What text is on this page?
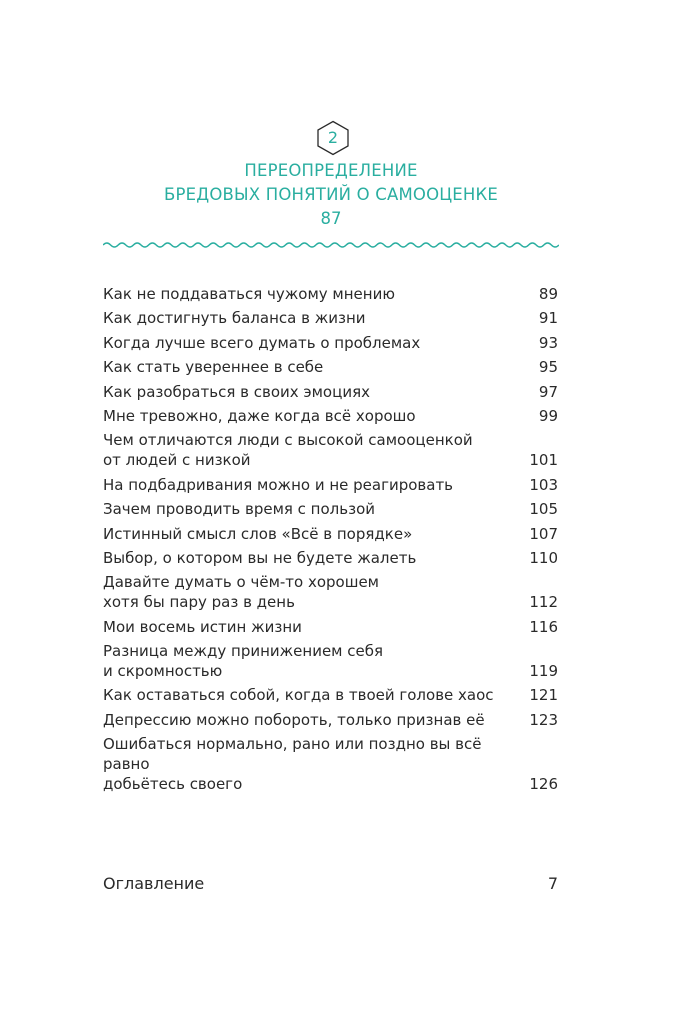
2
ПЕРЕОПРЕДЕЛЕНИЕ
БРЕДОВЫХ ПОНЯТИЙ О САМООЦЕНКЕ
87
Как не поддаваться чужому мнению	89
Как достигнуть баланса в жизни	91
Когда лучше всего думать о проблемах	93
Как стать увереннее в себе	95
Как разобраться в своих эмоциях	97
Мне тревожно, даже когда всё хорошо	99
Чем отличаются люди с высокой самооценкой
от людей с низкой	101
На подбадривания можно и не реагировать	103
Зачем проводить время с пользой	105
Истинный смысл слов «Всё в порядке»	107
Выбор, о котором вы не будете жалеть	110
Давайте думать о чём-то хорошем
хотя бы пару раз в день	112
Мои восемь истин жизни	116
Разница между принижением себя
и скромностью	119
Как оставаться собой, когда в твоей голове хаос	121
Депрессию можно побороть, только признав её	123
Ошибаться нормально, рано или поздно вы всё равно
добьётесь своего	126
Оглавление	7
